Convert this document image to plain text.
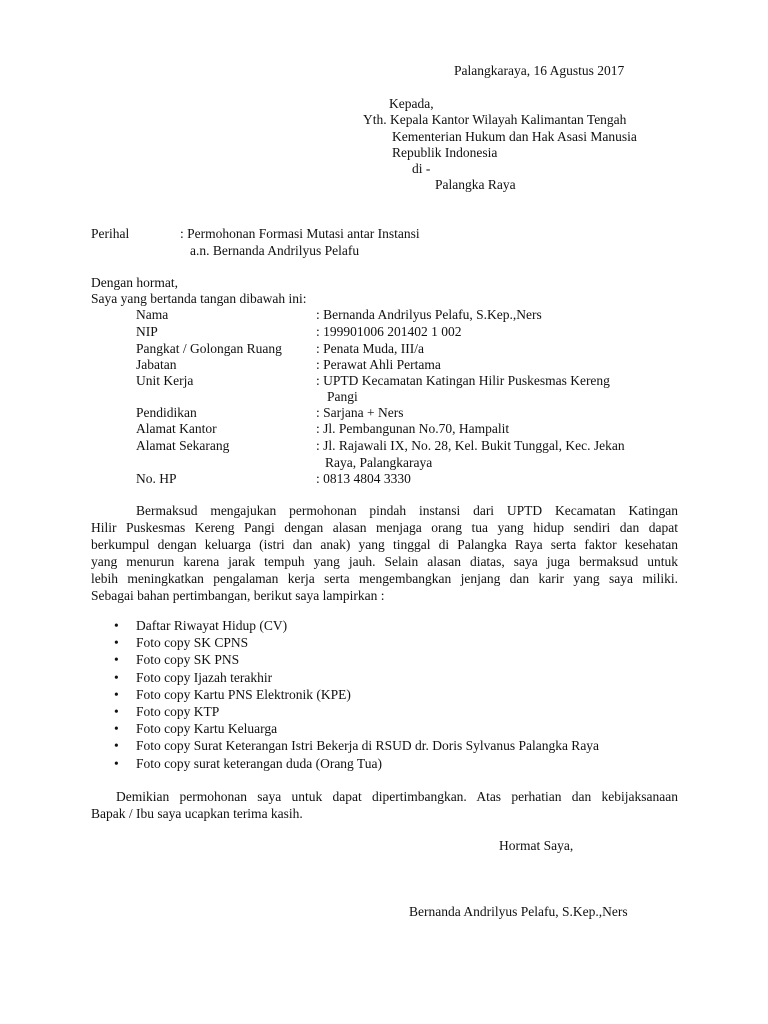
Palangkaraya, 16 Agustus 2017
Kepada,
Yth. Kepala Kantor Wilayah Kalimantan Tengah
Kementerian Hukum dan Hak Asasi Manusia
Republik Indonesia
di -
Palangka Raya
Perihal	: Permohonan Formasi Mutasi antar Instansi
a.n. Bernanda Andrilyus Pelafu
Dengan hormat,
Saya yang bertanda tangan dibawah ini:
Nama	: Bernanda Andrilyus Pelafu, S.Kep.,Ners
NIP	: 199901006 201402 1 002
Pangkat / Golongan Ruang	: Penata Muda, III/a
Jabatan	: Perawat Ahli Pertama
Unit Kerja	: UPTD Kecamatan Katingan Hilir Puskesmas Kereng
Pangi
Pendidikan	: Sarjana + Ners
Alamat Kantor	: Jl. Pembangunan No.70, Hampalit
Alamat Sekarang	: Jl. Rajawali IX, No. 28, Kel. Bukit Tunggal, Kec. Jekan
Raya, Palangkaraya
No. HP	: 0813 4804 3330
Bermaksud mengajukan permohonan pindah instansi dari UPTD Kecamatan Katingan
Hilir Puskesmas Kereng Pangi dengan alasan menjaga orang tua yang hidup sendiri dan dapat
berkumpul dengan keluarga (istri dan anak) yang tinggal di Palangka Raya serta faktor kesehatan
yang menurun karena jarak tempuh yang jauh. Selain alasan diatas, saya juga bermaksud untuk
lebih meningkatkan pengalaman kerja serta mengembangkan jenjang dan karir yang saya miliki.
Sebagai bahan pertimbangan, berikut saya lampirkan :
• Daftar Riwayat Hidup (CV)
• Foto copy SK CPNS
• Foto copy SK PNS
• Foto copy Ijazah terakhir
• Foto copy Kartu PNS Elektronik (KPE)
• Foto copy KTP
• Foto copy Kartu Keluarga
• Foto copy Surat Keterangan Istri Bekerja di RSUD dr. Doris Sylvanus Palangka Raya
• Foto copy surat keterangan duda (Orang Tua)
Demikian permohonan saya untuk dapat dipertimbangkan. Atas perhatian dan kebijaksanaan
Bapak / Ibu saya ucapkan terima kasih.
Hormat Saya,
Bernanda Andrilyus Pelafu, S.Kep.,Ners
